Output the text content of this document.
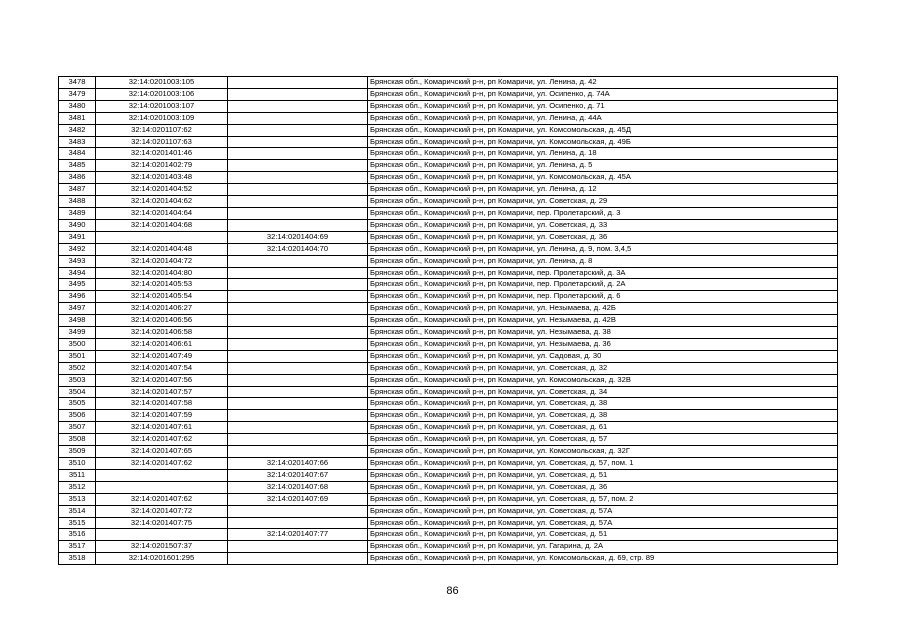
3478	32:14:0201003:105		Брянская обл., Комаричский р-н, рп Комаричи, ул. Ленина, д. 42
3479	32:14:0201003:106		Брянская обл., Комаричский р-н, рп Комаричи, ул. Осипенко, д. 74А
3480	32:14:0201003:107		Брянская обл., Комаричский р-н, рп Комаричи, ул. Осипенко, д. 71
3481	32:14:0201003:109		Брянская обл., Комаричский р-н, рп Комаричи, ул. Ленина, д. 44А
3482	32:14:0201107:62		Брянская обл., Комаричский р-н, рп Комаричи, ул. Комсомольская, д. 45Д
3483	32:14:0201107:63		Брянская обл., Комаричский р-н, рп Комаричи, ул. Комсомольская, д. 49Б
3484	32:14:0201401:46		Брянская обл., Комаричский р-н, рп Комаричи, ул. Ленина, д. 18
3485	32:14:0201402:79		Брянская обл., Комаричский р-н, рп Комаричи, ул. Ленина, д. 5
3486	32:14:0201403:48		Брянская обл., Комаричский р-н, рп Комаричи, ул. Комсомольская, д. 45А
3487	32:14:0201404:52		Брянская обл., Комаричский р-н, рп Комаричи, ул. Ленина, д. 12
3488	32:14:0201404:62		Брянская обл., Комаричский р-н, рп Комаричи, ул. Советская, д. 29
3489	32:14:0201404:64		Брянская обл., Комаричский р-н, рп Комаричи, пер. Пролетарский, д. 3
3490	32:14:0201404:68		Брянская обл., Комаричский р-н, рп Комаричи, ул. Советская, д. 33
3491		32:14:0201404:69	Брянская обл., Комаричский р-н, рп Комаричи, ул. Советская, д. 36
3492	32:14:0201404:48	32:14:0201404:70	Брянская обл., Комаричский р-н, рп Комаричи, ул. Ленина, д. 9, пом. 3,4,5
3493	32:14:0201404:72		Брянская обл., Комаричский р-н, рп Комаричи, ул. Ленина, д. 8
3494	32:14:0201404:80		Брянская обл., Комаричский р-н, рп Комаричи, пер. Пролетарский, д. 3А
3495	32:14:0201405:53		Брянская обл., Комаричский р-н, рп Комаричи, пер. Пролетарский, д. 2А
3496	32:14:0201405:54		Брянская обл., Комаричский р-н, рп Комаричи, пер. Пролетарский, д. 6
3497	32:14:0201406:27		Брянская обл., Комаричский р-н, рп Комаричи, ул. Незымаева, д. 42Б
3498	32:14:0201406:56		Брянская обл., Комаричский р-н, рп Комаричи, ул. Незымаева, д. 42В
3499	32:14:0201406:58		Брянская обл., Комаричский р-н, рп Комаричи, ул. Незымаева, д. 38
3500	32:14:0201406:61		Брянская обл., Комаричский р-н, рп Комаричи, ул. Незымаева, д. 36
3501	32:14:0201407:49		Брянская обл., Комаричский р-н, рп Комаричи, ул. Садовая, д. 30
3502	32:14:0201407:54		Брянская обл., Комаричский р-н, рп Комаричи, ул. Советская, д. 32
3503	32:14:0201407:56		Брянская обл., Комаричский р-н, рп Комаричи, ул. Комсомольская, д. 32В
3504	32:14:0201407:57		Брянская обл., Комаричский р-н, рп Комаричи, ул. Советская, д. 34
3505	32:14:0201407:58		Брянская обл., Комаричский р-н, рп Комаричи, ул. Советская, д. 38
3506	32:14:0201407:59		Брянская обл., Комаричский р-н, рп Комаричи, ул. Советская, д. 38
3507	32:14:0201407:61		Брянская обл., Комаричский р-н, рп Комаричи, ул. Советская, д. 61
3508	32:14:0201407:62		Брянская обл., Комаричский р-н, рп Комаричи, ул. Советская, д. 57
3509	32:14:0201407:65		Брянская обл., Комаричский р-н, рп Комаричи, ул. Комсомольская, д. 32Г
3510	32:14:0201407:62	32:14:0201407:66	Брянская обл., Комаричский р-н, рп Комаричи, ул. Советская, д. 57, пом. 1
3511		32:14:0201407:67	Брянская обл., Комаричский р-н, рп Комаричи, ул. Советская, д. 51
3512		32:14:0201407:68	Брянская обл., Комаричский р-н, рп Комаричи, ул. Советская, д. 36
3513	32:14:0201407:62	32:14:0201407:69	Брянская обл., Комаричский р-н, рп Комаричи, ул. Советская, д. 57, пом. 2
3514	32:14:0201407:72		Брянская обл., Комаричский р-н, рп Комаричи, ул. Советская, д. 57А
3515	32:14:0201407:75		Брянская обл., Комаричский р-н, рп Комаричи, ул. Советская, д. 57А
3516		32:14:0201407:77	Брянская обл., Комаричский р-н, рп Комаричи, ул. Советская, д. 51
3517	32:14:0201507:37		Брянская обл., Комаричский р-н, рп Комаричи, ул. Гагарина, д. 2А
3518	32:14:0201601:295		Брянская обл., Комаричский р-н, рп Комаричи, ул. Комсомольская, д. 69, стр. 89
86
